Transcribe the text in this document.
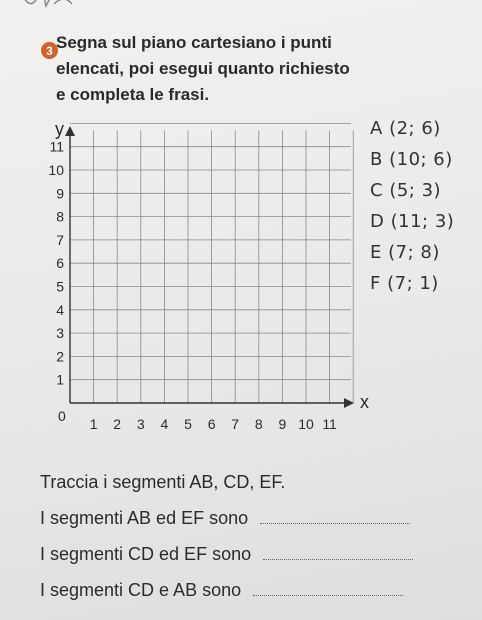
3 Segna sul piano cartesiano i punti
elencati, poi esegui quanto richiesto
e completa le frasi.
x
y
0 1 2 3 4 5 6 7 8 9 10 11
1
2
3
4
5
6
7
8
9
10
11
A (2; 6)
B (10; 6)
C (5; 3)
D (11; 3)
E (7; 8)
F (7; 1)
Traccia i segmenti AB, CD, EF.
I segmenti AB ed EF sono
I segmenti CD ed EF sono
I segmenti CD e AB sono
